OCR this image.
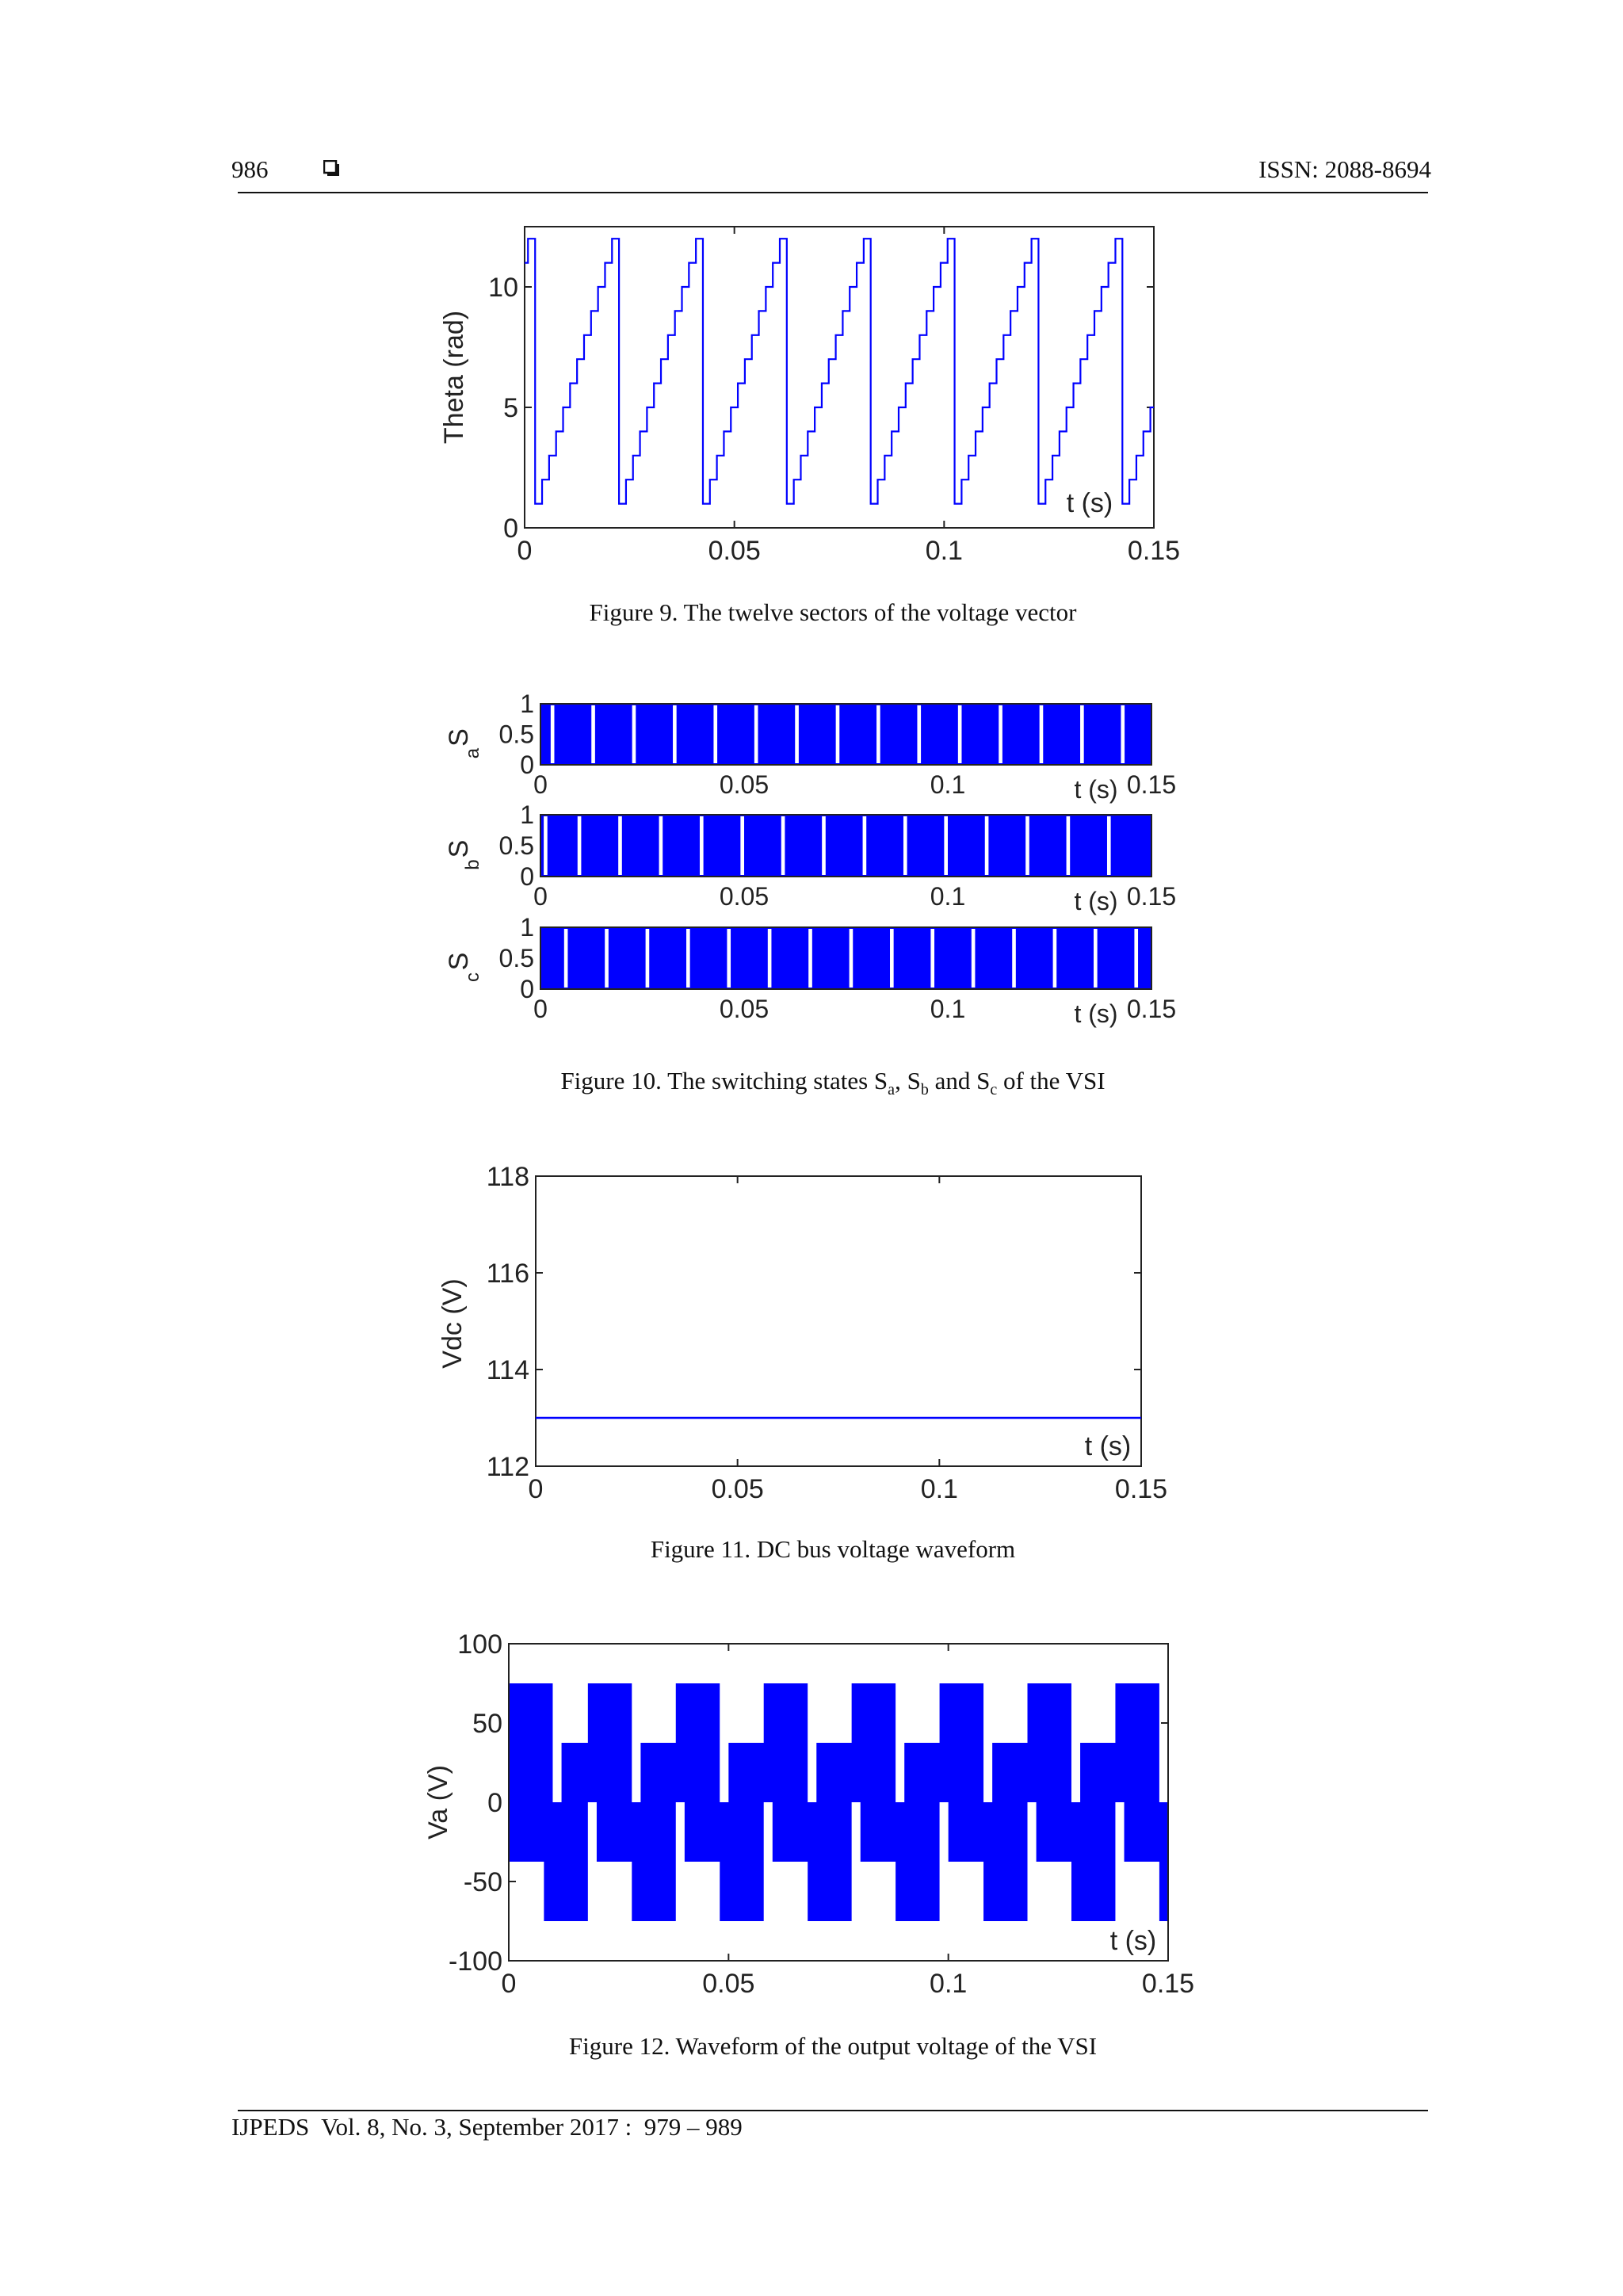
986	ISSN: 2088-8694
0	0.05	0.1	0.15
0
5
10
Theta (rad)
t (s)
Figure 9. The twelve sectors of the voltage vector
0
0.5
1
0	0.05	0.1	0.15
t (s)
S
a
0
0.5
1
0	0.05	0.1	0.15
t (s)
S
b
0
0.5
1
0	0.05	0.1	0.15
t (s)
S
c
Figure 10. The switching states $S_a$, $S_b$ and $S_c$ of the VSI
0	0.05	0.1	0.15
112
114
116
118
Vdc (V)
t (s)
Figure 11. DC bus voltage waveform
0	0.05	0.1	0.15
-100
-50
0
50
100
Va (V)
t (s)
Figure 12. Waveform of the output voltage of the VSI
IJPEDS  Vol. 8, No. 3, September 2017 :  979 – 989
